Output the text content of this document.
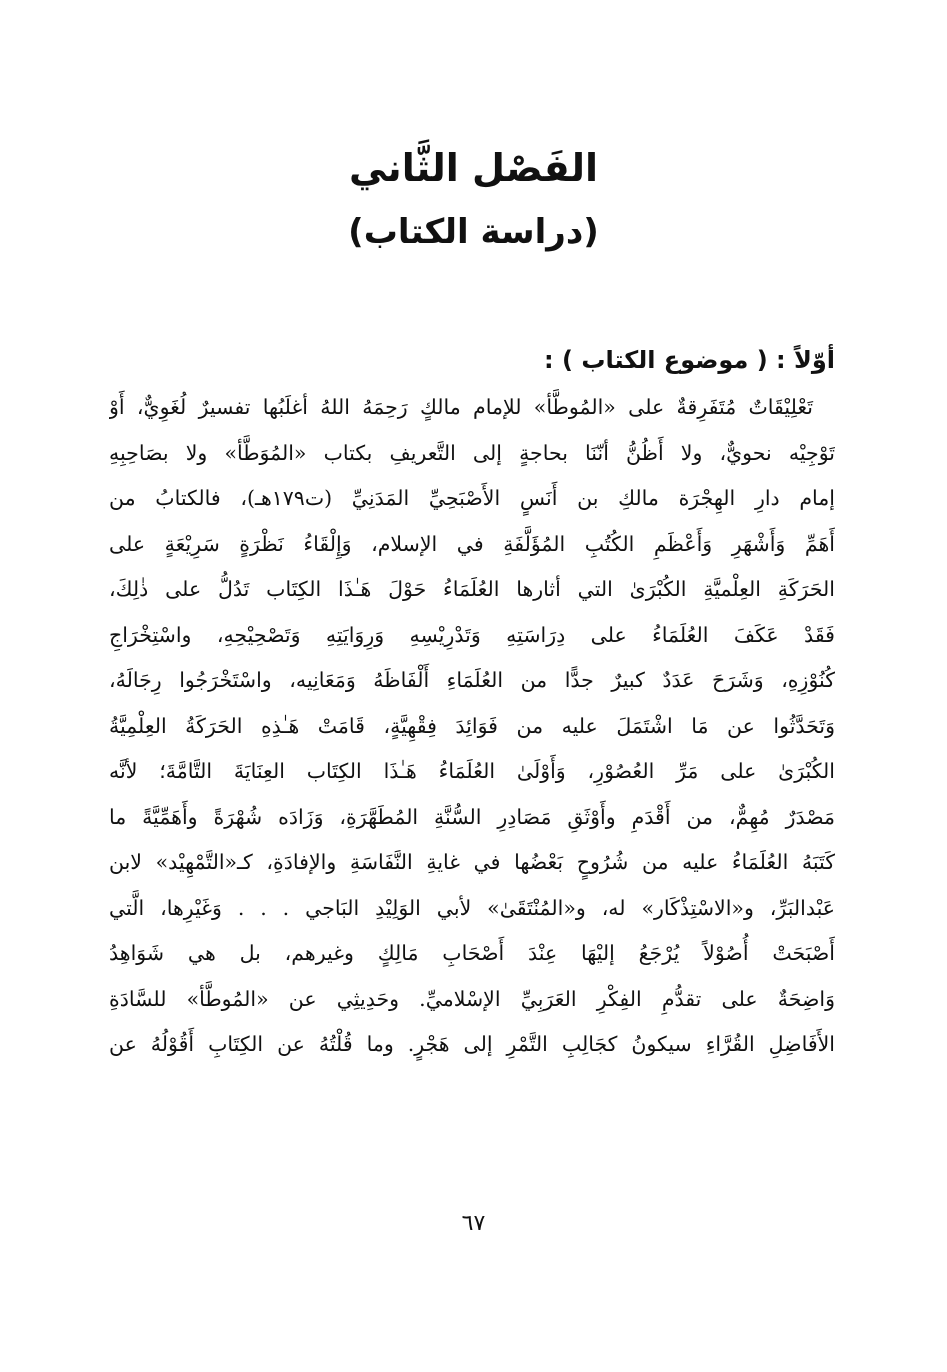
الفَصْل الثَّاني
(دراسة الكتاب)
أوّلاً : ( موضوع الكتاب ) :
تَعْلِيْقَاتٌ مُتَفَرِقةٌ على «المُوطَّأ» للإمام مالكٍ رَحِمَهُ اللهُ أغلَبُها تفسيرٌ لُغَوِيٌّ، أَوْ
تَوْجِيْه نحويٌّ، ولا أَظُنُّ أنّنَا بحاجةٍ إلى التَّعريفِ بكتاب «المُوَطَّأ» ولا بصَاحِبِهِ
إمام دارِ الهِجْرَة مالكِ بن أَنَسٍ الأَصْبَحِيِّ المَدَنِيِّ (ت١٧٩هـ)، فالكتابُ من
أَهَمِّ وَأَشْهَرِ وَأَعْظَمِ الكُتُبِ المُؤَلَّفَةِ في الإسلام، وَإِلْقَاءُ نَظْرَةٍ سَرِيْعَةٍ على
الحَرَكَةِ العِلْميَّةِ الكُبْرَىٰ التي أثارها العُلَمَاءُ حَوْلَ هَـٰذَا الكِتَاب تَدُلُّ على ذٰلِكَ،
فَقَدْ عَكَفَ العُلَمَاءُ على دِرَاسَتِهِ وَتَدْرِيْسِهِ وَرِوَايَتِهِ وَتَصْحِيْحِهِ، واسْتِخْرَاجِ
كُنُوْزِهِ، وَشَرَحَ عَدَدٌ كبيرٌ جدًّا من العُلَمَاءِ أَلْفَاظَهُ وَمَعَانِيه، واسْتَخْرَجُوا رِجَالَهُ،
وَتَحَدَّثُوا عن مَا اشْتَمَلَ عليه من فَوَائِدَ فِقْهِيَّةٍ، قَامَتْ هَـٰذِهِ الحَرَكَةُ العِلْمِيَّةُ
الكُبْرَىٰ على مَرِّ العُصُوْرِ، وَأَوْلَىٰ العُلَمَاءُ هَـٰذَا الكِتَاب العِنَايَةَ التَّامَّةَ؛ لأنَّه
مَصْدَرٌ مُهِمٌّ، من أَقْدَمِ وأَوْثَقِ مَصَادِرِ السُّنَّةِ المُطَهَّرَةِ، وَزَادَه شُهْرَةً وأَهَمِّيَّةً ما
كَتَبَهُ العُلَمَاءُ عليه من شُرُوحٍ بَعْضُها في غايةِ النَّفَاسَةِ والإفادَةِ، كـ«التَّمْهِيْد» لابن
عَبْدالبَرِّ، و«الاسْتِذْكَار» له، و«المُنْتَقَىٰ» لأبي الوَلِيْدِ البَاجي . . . وَغَيْرِها، الَّتي
أَصْبَحَتْ أُصُوْلاً يُرْجَعُ إليْهَا عِنْدَ أَصْحَابِ مَالِكٍ وغيرهم، بل هي شَوَاهِدُ
وَاضِحَةٌ على تقدُّمِ الفِكْرِ العَرَبِيِّ الإسْلاميِّ. وحَدِيثِي عن «المُوطَّأ» للسَّادَةِ
الأَفَاضِلِ القُرَّاءِ سيكونُ كجَالِبِ التَّمْرِ إلى هَجْرٍ. وما قُلْتُهُ عن الكِتَابِ أَقُوْلُهُ عن
٦٧
